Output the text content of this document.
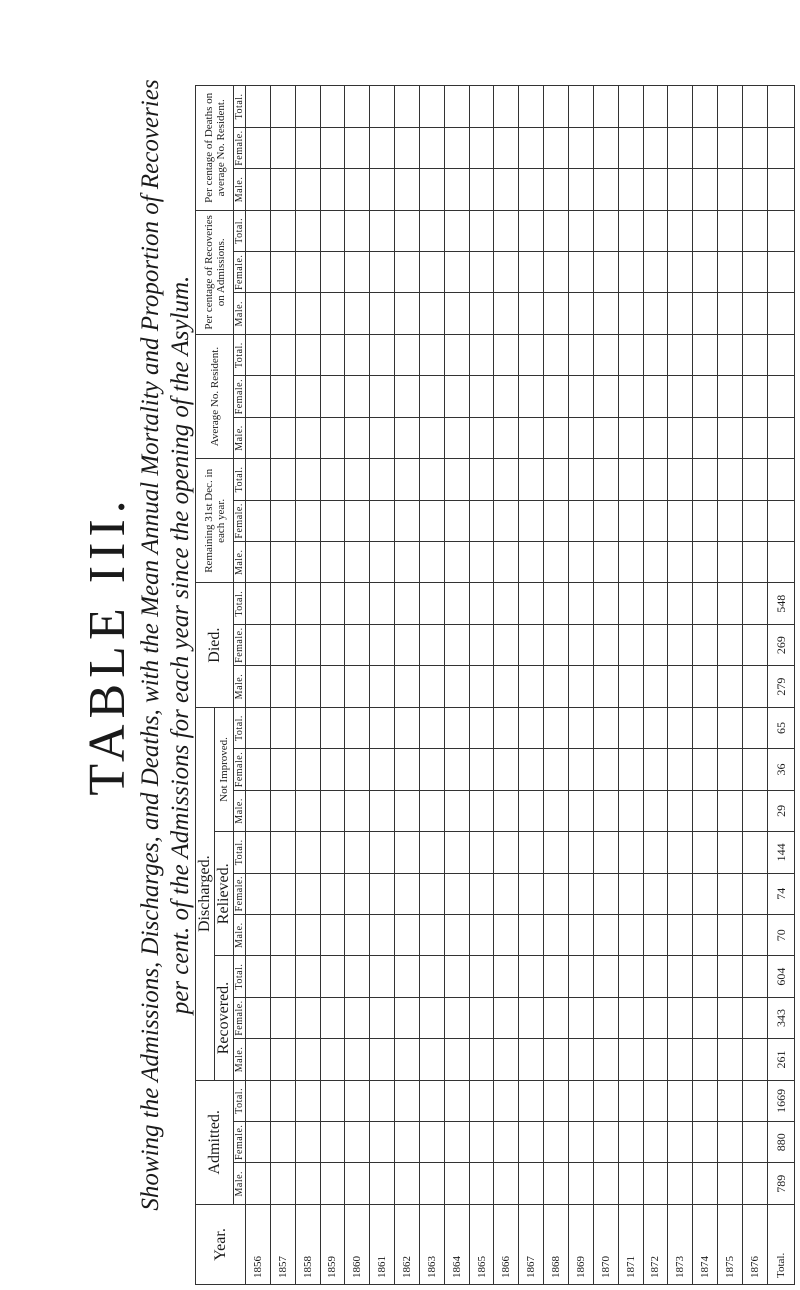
TABLE III. Showing the Admissions, Discharges, and Deaths, with the Mean Annual Mortality and Proportion of Recoveries per cent. of the Admissions for each year since the opening of the Asylum.
Year.	Admitted.			Discharged.									Died.			Remaining 31st Dec. in each year.			Average No. Resident.			Per centage of Recoveries on Admissions.			Per centage of Deaths on average No. Resident.		
				Recovered.			Relieved.			Not Improved.																	
	Male.	Female.	Total.	Male.	Female.	Total.	Male.	Female.	Total.	Male.	Female.	Total.	Male.	Female.	Total.	Male.	Female.	Total.	Male.	Female.	Total.	Male.	Female.	Total.	Male.	Female.	Total.
1856																											
1857																											
1858																											
1859																											
1860																											
1861																											
1862																											
1863																											
1864																											
1865																											
1866																											
1867																											
1868																											
1869																											
1870																											
1871																											
1872																											
1873																											
1874																											
1875																											
1876																											
Total.	789	880	1669	261	343	604	70	74	144	29	36	65	279	269	548												
